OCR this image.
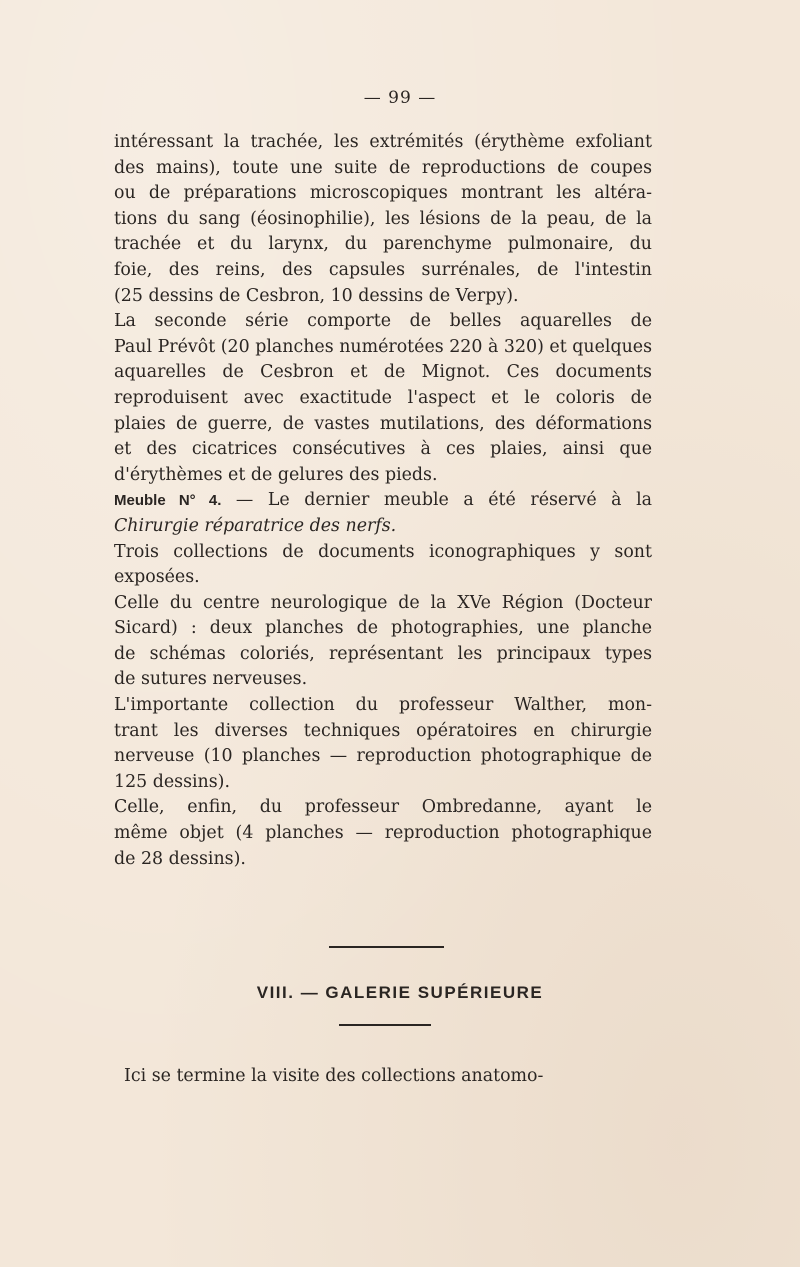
— 99 —
intéressant la trachée, les extrémités (érythème exfoliant
des mains), toute une suite de reproductions de coupes
ou de préparations microscopiques montrant les altéra-
tions du sang (éosinophilie), les lésions de la peau, de la
trachée et du larynx, du parenchyme pulmonaire, du
foie, des reins, des capsules surrénales, de l'intestin
(25 dessins de Cesbron, 10 dessins de Verpy).
La seconde série comporte de belles aquarelles de
Paul Prévôt (20 planches numérotées 220 à 320) et quelques
aquarelles de Cesbron et de Mignot. Ces documents
reproduisent avec exactitude l'aspect et le coloris de
plaies de guerre, de vastes mutilations, des déformations
et des cicatrices consécutives à ces plaies, ainsi que
d'érythèmes et de gelures des pieds.
Meuble N° 4. — Le dernier meuble a été réservé à la
Chirurgie réparatrice des nerfs.
Trois collections de documents iconographiques y sont
exposées.
Celle du centre neurologique de la XVe Région (Docteur
Sicard) : deux planches de photographies, une planche
de schémas coloriés, représentant les principaux types
de sutures nerveuses.
L'importante collection du professeur Walther, mon-
trant les diverses techniques opératoires en chirurgie
nerveuse (10 planches — reproduction photographique de
125 dessins).
Celle, enfin, du professeur Ombredanne, ayant le
même objet (4 planches — reproduction photographique
de 28 dessins).
VIII. — GALERIE SUPÉRIEURE
Ici se termine la visite des collections anatomo-
